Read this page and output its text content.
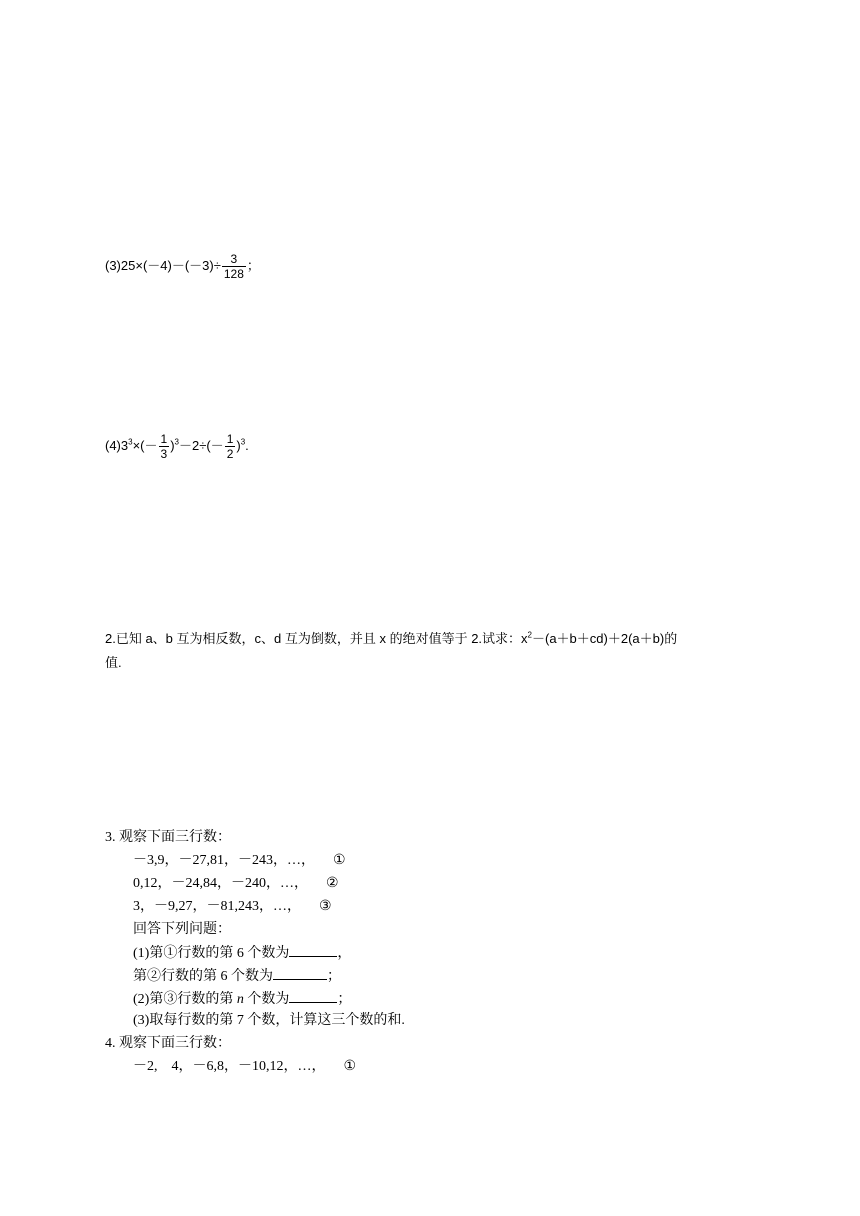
$(3)25\times(-4)-(-3)\div \frac{3}{128}$ ；
$(4)3^3\times(- \frac{1}{3} )^3-2\div(- \frac{1}{2} )^3$.
2.已知 a、b 互为相反数，c、d 互为倒数，并且 x 的绝对值等于 2.试求：$x^2-(a+b+cd)+2(a+b)$的
值.
3. 观察下面三行数：
－3,9，－27,81，－243，…， ①
0,12，－24,84，－240，…， ②
3，－9,27，－81,243，…， ③
回答下列问题：
(1)第①行数的第 6 个数为	，
第②行数的第 6 个数为	；
(2)第③行数的第 n 个数为	；
(3)取每行数的第 7 个数，计算这三个数的和.
4. 观察下面三行数：
－2,　4，－6,8，－10,12，…， ①
